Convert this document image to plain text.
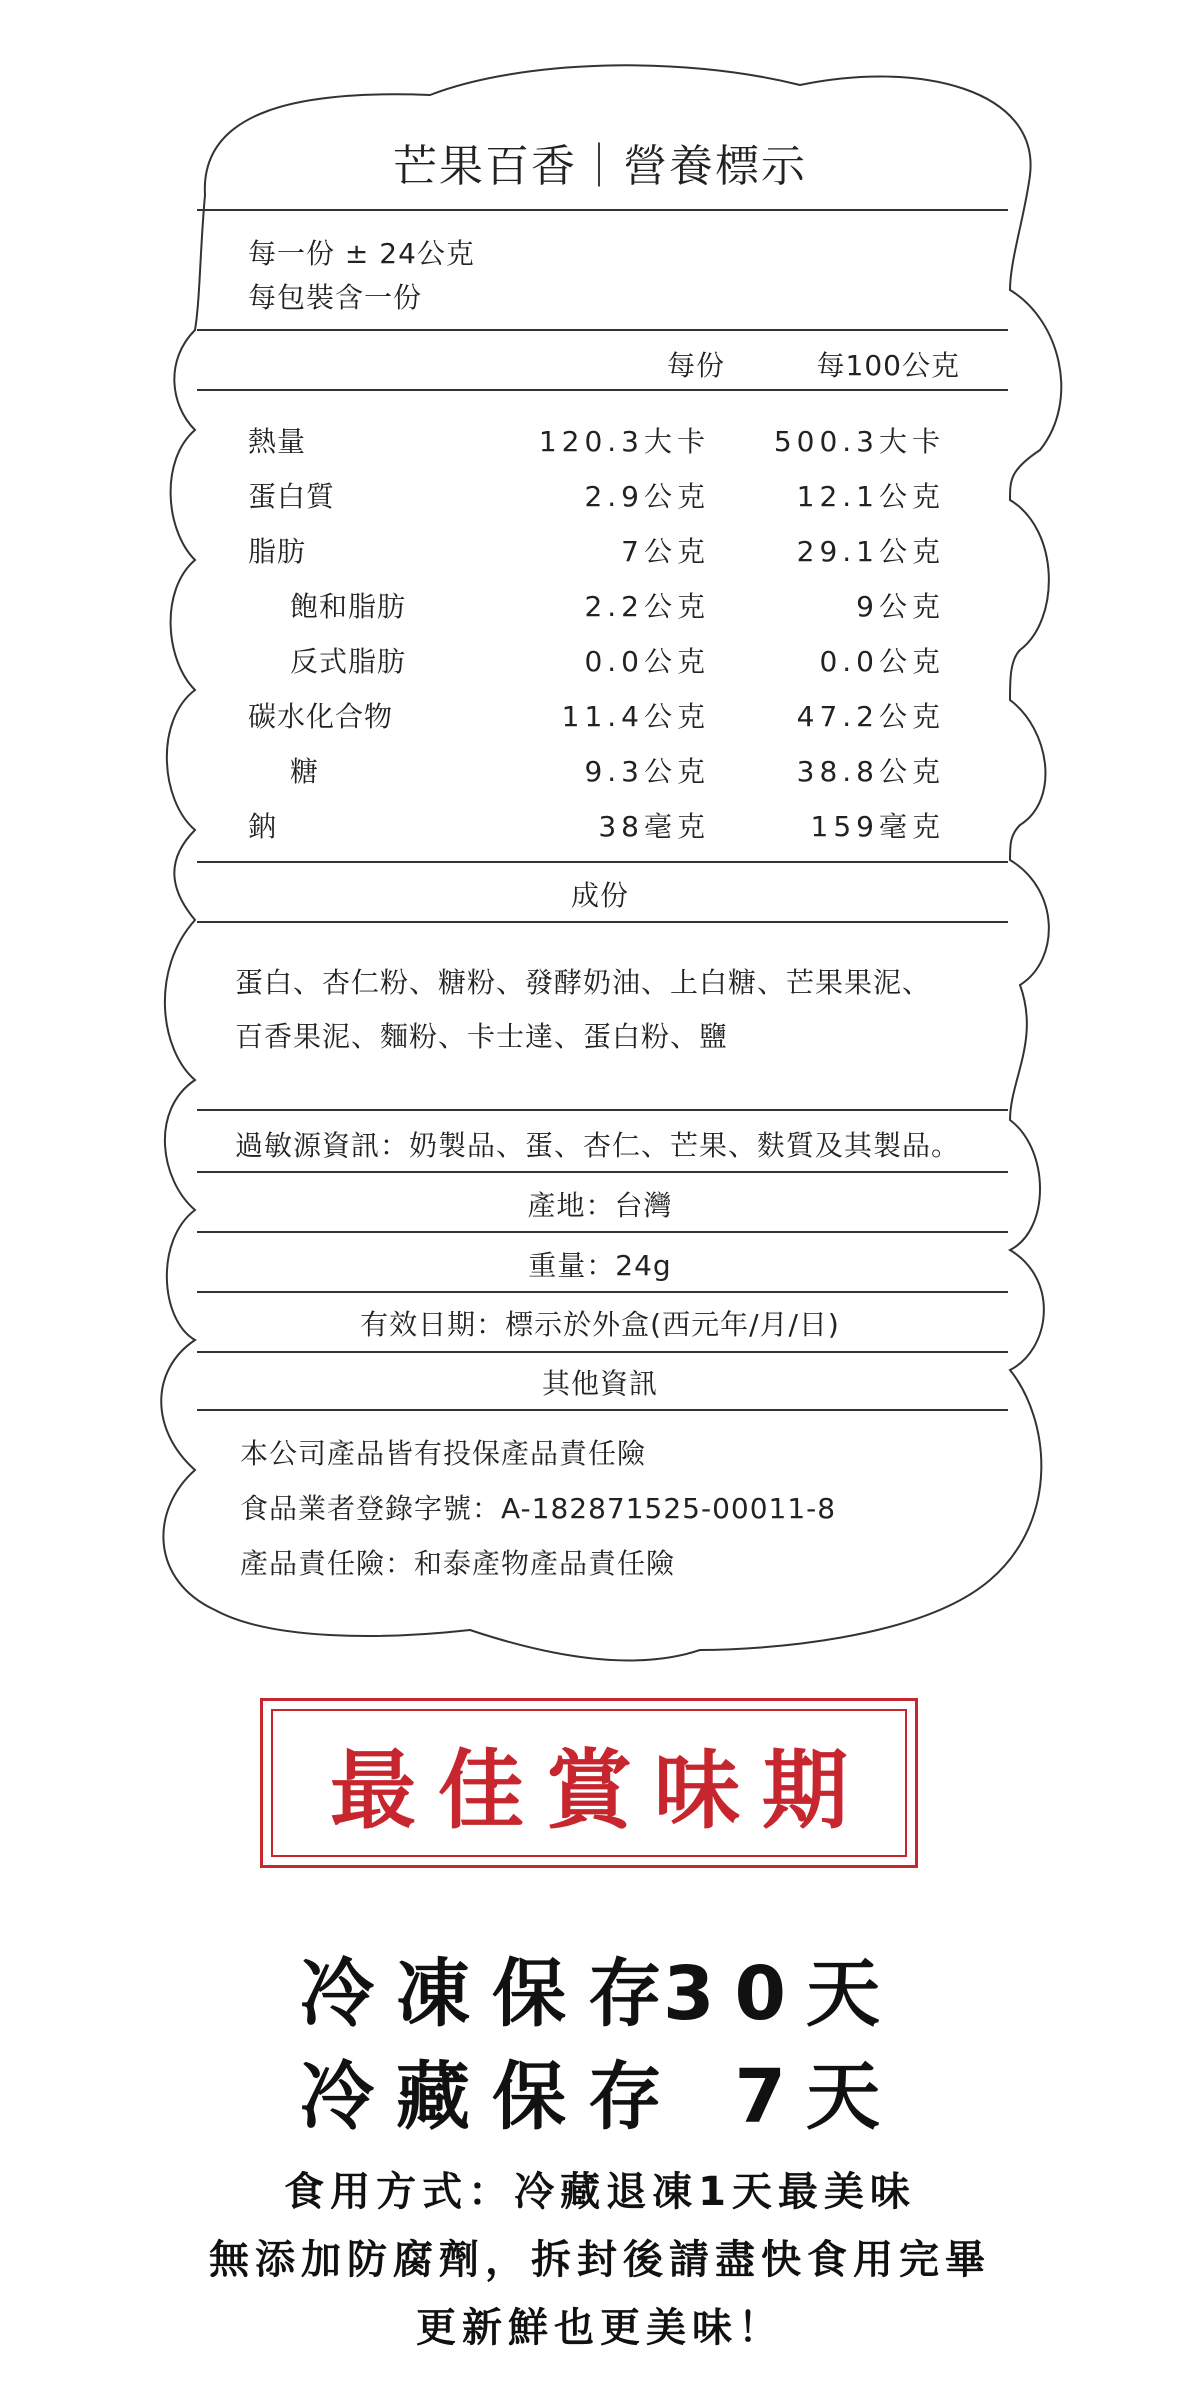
芒果百香｜營養標示
每一份 ± 24公克
每包裝含一份
每份	每100公克
熱量	120.3大卡 500.3大卡
蛋白質	2.9公克	12.1公克
脂肪	7公克	29.1公克
飽和脂肪	2.2公克	9公克
反式脂肪	0.0公克	0.0公克
碳水化合物	11.4公克	47.2公克
糖	9.3公克	38.8公克
鈉	38毫克	159毫克
成份
蛋白、杏仁粉、糖粉、發酵奶油、上白糖、芒果果泥、
百香果泥、麵粉、卡士達、蛋白粉、鹽
過敏源資訊：奶製品、蛋、杏仁、芒果、麩質及其製品。
產地：台灣
重量：24g
有效日期：標示於外盒(西元年/月/日)
其他資訊
本公司產品皆有投保產品責任險
食品業者登錄字號：A-182871525-00011-8
產品責任險：和泰產物產品責任險
最佳賞味期
冷凍保存
30天
冷藏保存 7天
食用方式：冷藏退凍1天最美味
無添加防腐劑，拆封後請盡快食用完畢
更新鮮也更美味！
